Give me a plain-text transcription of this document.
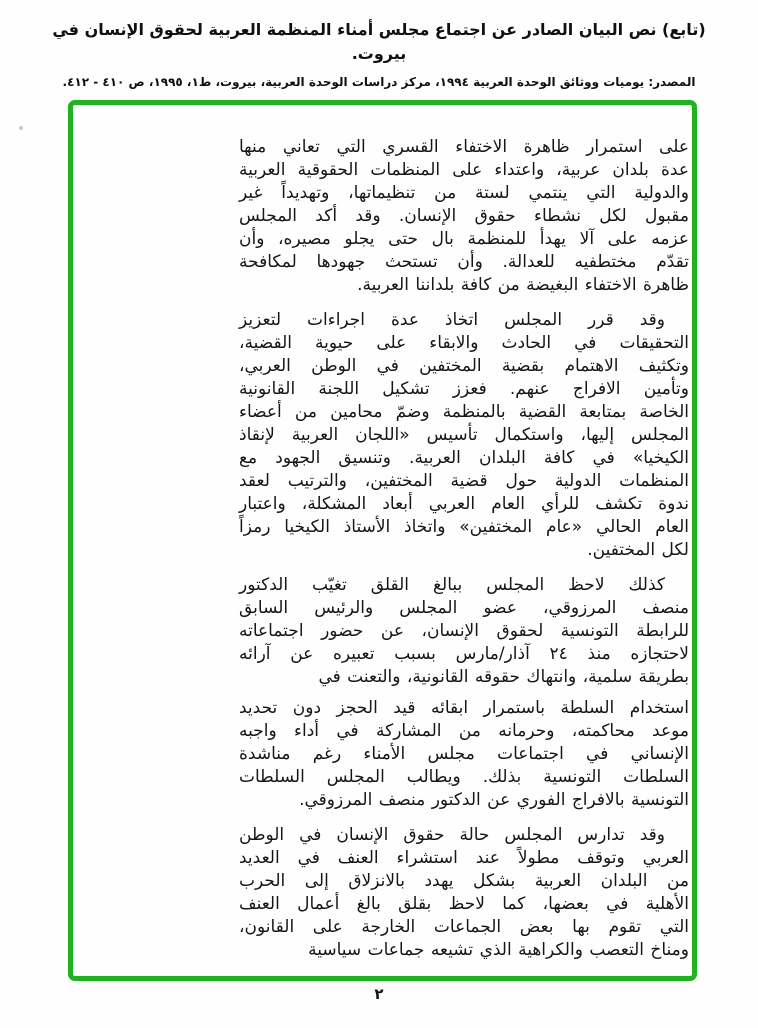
(تابع) نص البيان الصادر عن اجتماع مجلس أمناء المنظمة العربية لحقوق الإنسان في بيروت.
المصدر: يوميات ووثائق الوحدة العربية ١٩٩٤، مركز دراسات الوحدة العربية، بيروت، ط١، ١٩٩٥، ص ٤١٠ - ٤١٢.
على استمرار ظاهرة الاختفاء القسري التي تعاني منها
عدة بلدان عربية، واعتداء على المنظمات الحقوقية العربية
والدولية التي ينتمي لستة من تنظيماتها، وتهديداً غير
مقبول لكل نشطاء حقوق الإنسان. وقد أكد المجلس
عزمه على آلا يهدأ للمنظمة بال حتى يجلو مصيره، وأن
تقدّم مختطفيه للعدالة. وأن تستحث جهودها لمكافحة
ظاهرة الاختفاء البغيضة من كافة بلداننا العربية.
وقد قرر المجلس اتخاذ عدة اجراءات لتعزيز
التحقيقات في الحادث والابقاء على حيوية القضية،
وتكثيف الاهتمام بقضية المختفين في الوطن العربي،
وتأمين الافراج عنهم. فعزز تشكيل اللجنة القانونية
الخاصة بمتابعة القضية بالمنظمة وضمّ محامين من أعضاء
المجلس إليها، واستكمال تأسيس «اللجان العربية لإنقاذ
الكيخيا» في كافة البلدان العربية. وتنسيق الجهود مع
المنظمات الدولية حول قضية المختفين، والترتيب لعقد
ندوة تكشف للرأي العام العربي أبعاد المشكلة، واعتبار
العام الحالي «عام المختفين» واتخاذ الأستاذ الكيخيا رمزاً
لكل المختفين.
كذلك لاحظ المجلس ببالغ القلق تغيّب الدكتور
منصف المرزوقي، عضو المجلس والرئيس السابق
للرابطة التونسية لحقوق الإنسان، عن حضور اجتماعاته
لاحتجازه منذ ٢٤ آذار/مارس بسبب تعبيره عن آرائه
بطريقة سلمية، وانتهاك حقوقه القانونية، والتعنت في
استخدام السلطة باستمرار ابقائه قيد الحجز دون تحديد
موعد محاكمته، وحرمانه من المشاركة في أداء واجبه
الإنساني في اجتماعات مجلس الأمناء رغم مناشدة
السلطات التونسية بذلك. ويطالب المجلس السلطات
التونسية بالافراج الفوري عن الدكتور منصف المرزوقي.
وقد تدارس المجلس حالة حقوق الإنسان في الوطن
العربي وتوقف مطولاً عند استشراء العنف في العديد
من البلدان العربية بشكل يهدد بالانزلاق إلى الحرب
الأهلية في بعضها، كما لاحظ بقلق بالغ أعمال العنف
التي تقوم بها بعض الجماعات الخارجة على القانون،
ومناخ التعصب والكراهية الذي تشيعه جماعات سياسية
٢
